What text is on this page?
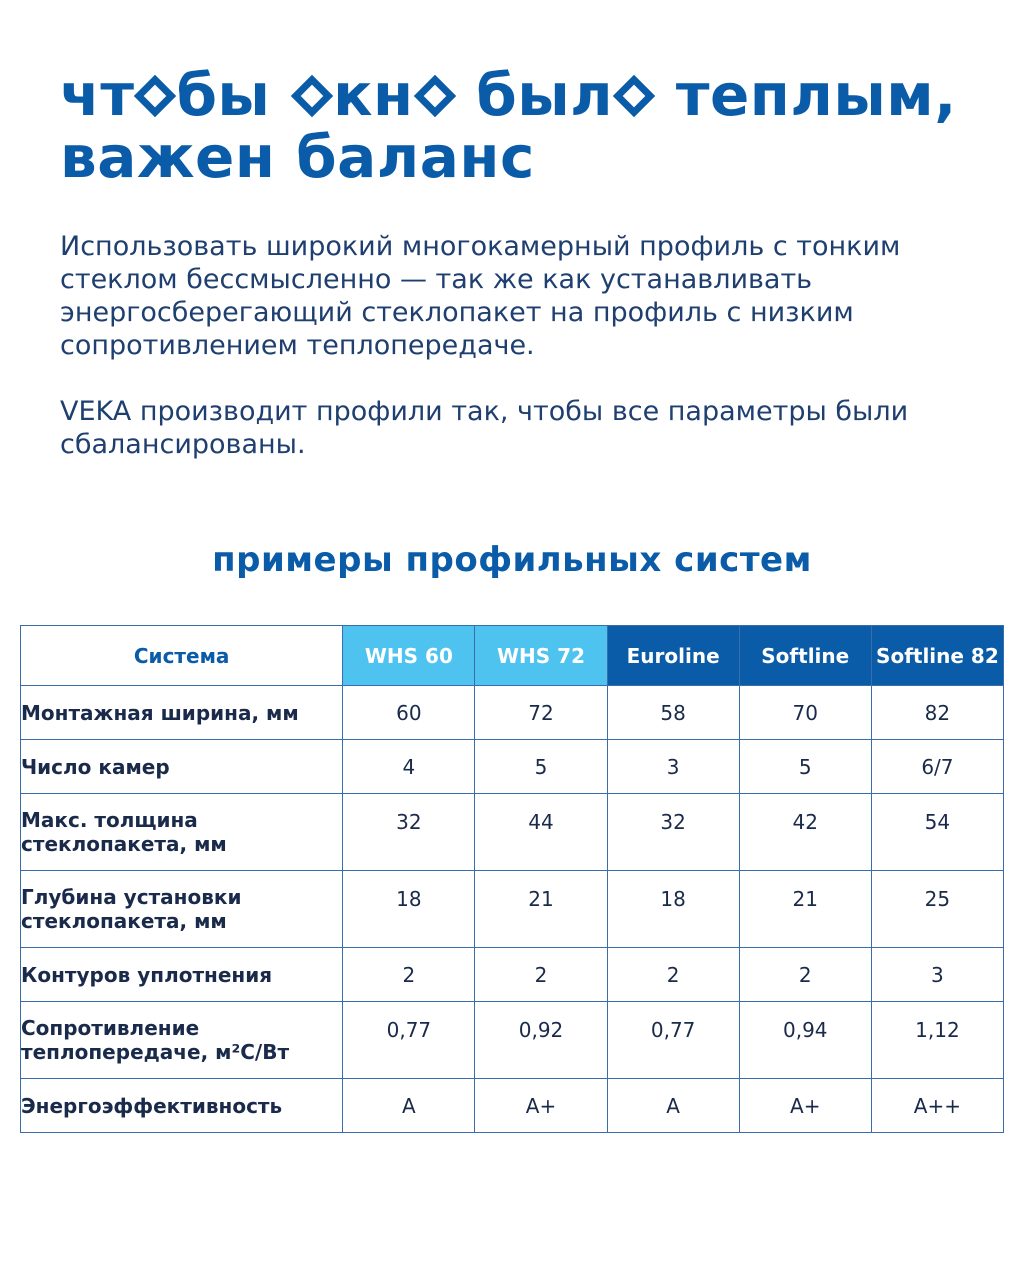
чт бы кн был теплым,
важен баланс

Использовать широкий многокамерный профиль с тонким стеклом бессмысленно — так же как устанавливать энергосберегающий стеклопакет на профиль с низким сопротивлением теплопередаче.

VEKA производит профили так, чтобы все параметры были сбалансированы.

примеры профильных систем
Система	WHS 60	WHS 72	Euroline	Softline	Softline 82
Монтажная ширина, мм	60	72	58	70	82
Число камер	4	5	3	5	6/7
Макс. толщина стеклопакета, мм	32	44	32	42	54
Глубина установки стеклопакета, мм	18	21	18	21	25
Контуров уплотнения	2	2	2	2	3
Сопротивление теплопередаче, м²С/Вт	0,77	0,92	0,77	0,94	1,12
Энергоэффективность	A	A+	A	A+	A++
